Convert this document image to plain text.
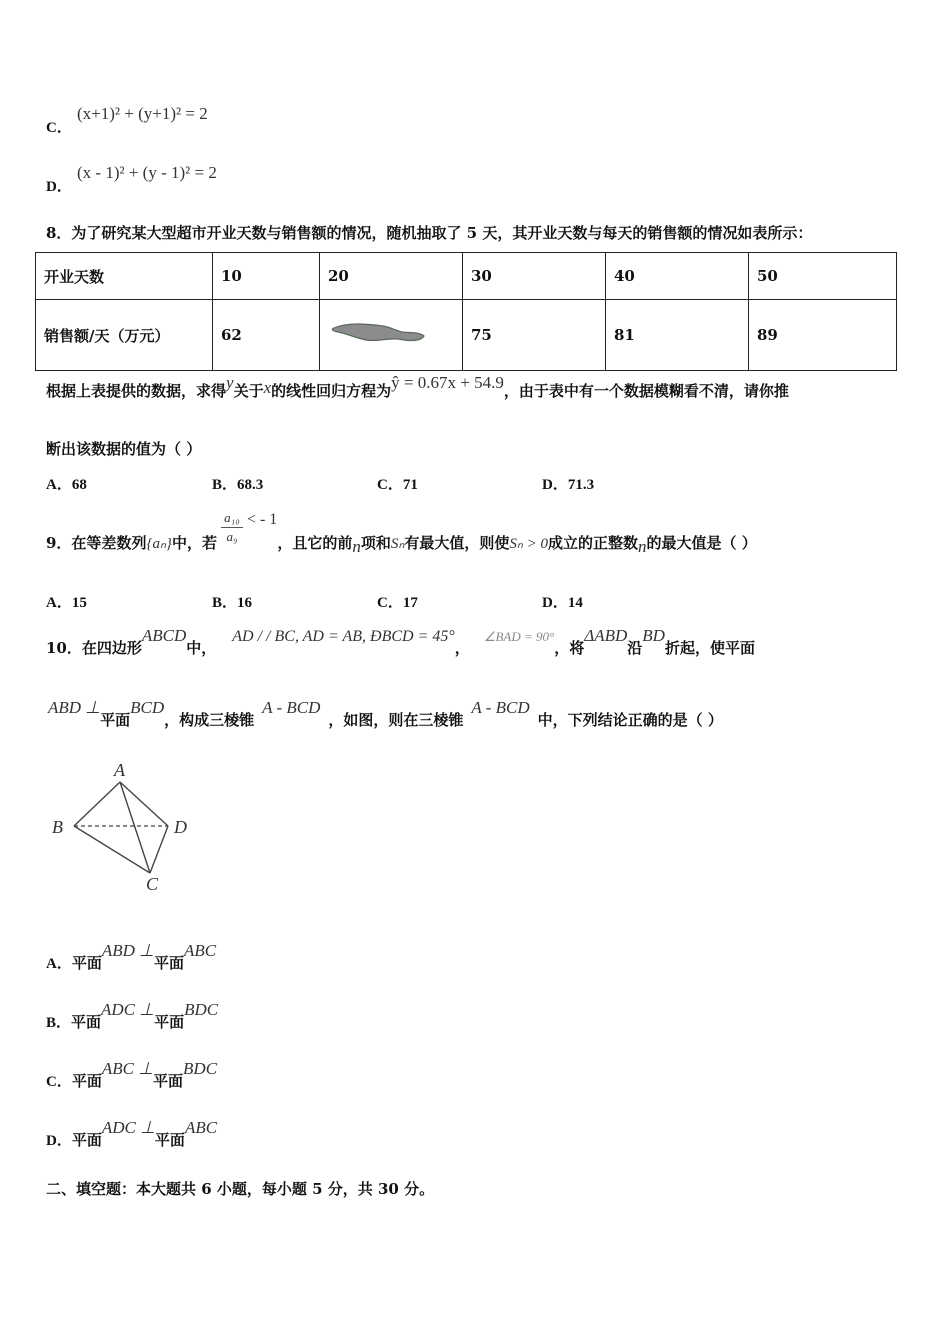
C．
(x+1)² + (y+1)² = 2
D．
(x - 1)² + (y - 1)² = 2
8．为了研究某大型超市开业天数与销售额的情况，随机抽取了 5 天，其开业天数与每天的销售额的情况如表所示：
开业天数	10	20	30	40	50
销售额/天（万元）	62		75	81	89
根据上表提供的数据，求得y关于x的线性回归方程为ŷ = 0.67x + 54.9，由于表中有一个数据模糊看不清，请你推
断出该数据的值为（ ）
A．68	B．68.3	C．71	D．71.3
9．在等差数列{aₙ}中，若 $\frac{\text{a₁₀}}{\text{a₉}}$ < - 1，且它的前n项和Sₙ有最大值，则使Sₙ > 0成立的正整数n的最大值是（ ）
A．15	B．16	C．17	D．14
10．在四边形ABCD中，AD / / BC, AD = AB, ÐBCD = 45°，∠BAD = 90°，将ΔABD沿BD折起，使平面
ABD ⊥平面BCD，构成三棱锥A - BCD，如图，则在三棱锥A - BCD中，下列结论正确的是（ ）
A
B	D
C
A．平面ABD ⊥平面ABC
B．平面ADC ⊥平面BDC
C．平面ABC ⊥平面BDC
D．平面ADC ⊥平面ABC
二、填空题：本大题共 6 小题，每小题 5 分，共 30 分。
